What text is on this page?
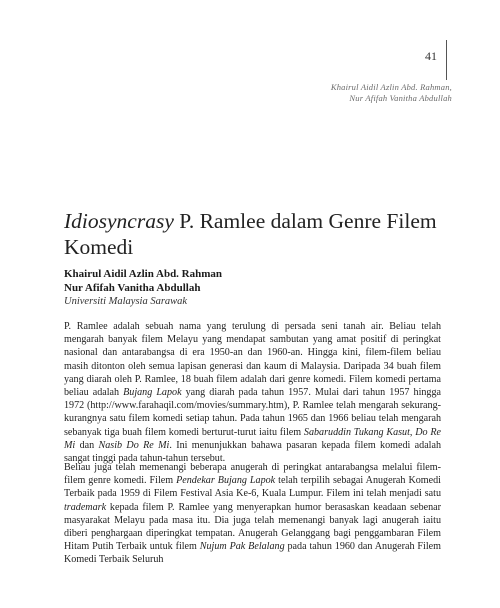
41
Khairul Aidil Azlin Abd. Rahman,
Nur Afifah Vanitha Abdullah
Idiosyncrasy P. Ramlee dalam Genre Filem Komedi
Khairul Aidil Azlin Abd. Rahman
Nur Afifah Vanitha Abdullah
Universiti Malaysia Sarawak

P. Ramlee adalah sebuah nama yang terulung di persada seni tanah air. Beliau telah mengarah banyak filem Melayu yang mendapat sambutan yang amat positif di peringkat nasional dan antarabangsa di era 1950-an dan 1960-an. Hingga kini, filem-filem beliau masih ditonton oleh semua lapisan generasi dan kaum di Malaysia. Daripada 34 buah filem yang diarah oleh P. Ramlee, 18 buah filem adalah dari genre komedi. Filem komedi pertama beliau adalah Bujang Lapok yang diarah pada tahun 1957. Mulai dari tahun 1957 hingga 1972 (http://www.farahaqil.com/movies/summary.htm), P. Ramlee telah mengarah sekurang-kurangnya satu filem komedi setiap tahun. Pada tahun 1965 dan 1966 beliau telah mengarah sebanyak tiga buah filem komedi berturut-turut iaitu filem Sabaruddin Tukang Kasut, Do Re Mi dan Nasib Do Re Mi. Ini menunjukkan bahawa pasaran kepada filem komedi adalah sangat tinggi pada tahun-tahun tersebut.

Beliau juga telah memenangi beberapa anugerah di peringkat antarabangsa melalui filem-filem genre komedi. Filem Pendekar Bujang Lapok telah terpilih sebagai Anugerah Komedi Terbaik pada 1959 di Filem Festival Asia Ke-6, Kuala Lumpur. Filem ini telah menjadi satu trademark kepada filem P. Ramlee yang menyerapkan humor berasaskan keadaan sebenar masyarakat Melayu pada masa itu. Dia juga telah memenangi banyak lagi anugerah iaitu diberi penghargaan diperingkat tempatan. Anugerah Gelanggang bagi penggambaran Filem Hitam Putih Terbaik untuk filem Nujum Pak Belalang pada tahun 1960 dan Anugerah Filem Komedi Terbaik Seluruh
